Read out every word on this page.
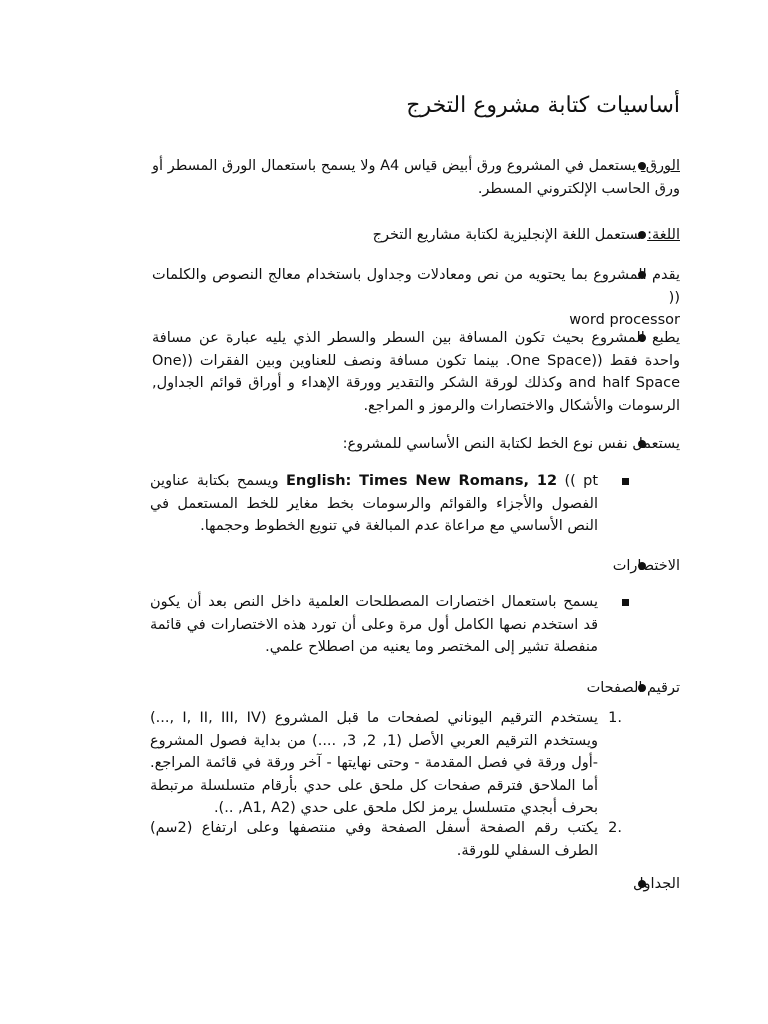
أساسيات كتابة مشروع التخرج
الورق: يستعمل في المشروع ورق أبيض قياس A4 ولا يسمح باستعمال الورق المسطر أو ورق الحاسب الإلكتروني المسطر.
اللغة: تستعمل اللغة الإنجليزية لكتابة مشاريع التخرج
يقدم المشروع بما يحتويه من نص ومعادلات وجداول باستخدام معالج النصوص والكلمات ((
word processor
يطبع المشروع بحيث تكون المسافة بين السطر والسطر الذي يليه عبارة عن مسافة واحدة فقط ((One Space. بينما تكون مسافة ونصف للعناوين وبين الفقرات ((One and half Space وكذلك لورقة الشكر والتقدير وورقة الإهداء و أوراق قوائم الجداول, الرسومات والأشكال والاختصارات والرموز و المراجع.
يستعمل نفس نوع الخط لكتابة النص الأساسي للمشروع:
English: Times New Romans, 12 (( pt ويسمح بكتابة عناوين الفصول والأجزاء والقوائم والرسومات بخط مغاير للخط المستعمل في النص الأساسي مع مراعاة عدم المبالغة في تنويع الخطوط وحجمها.
الاختصارات
يسمح باستعمال اختصارات المصطلحات العلمية داخل النص بعد أن يكون قد استخدم نصها الكامل أول مرة وعلى أن تورد هذه الاختصارات في قائمة منفصلة تشير إلى المختصر وما يعنيه من اصطلاح علمي.
ترقيم الصفحات
1.
يستخدم الترقيم اليوناني لصفحات ما قبل المشروع (I, II, III, IV ,...) ويستخدم الترقيم العربي الأصل (1, 2, 3, ....) من بداية فصول المشروع -أول ورقة في فصل المقدمة - وحتى نهايتها - آخر ورقة في قائمة المراجع. أما الملاحق فترقم صفحات كل ملحق على حدي بأرقام متسلسلة مرتبطة بحرف أبجدي متسلسل يرمز لكل ملحق على حدي (A1, A2, ..).
2.
يكتب رقم الصفحة أسفل الصفحة وفي منتصفها وعلى ارتفاع (2سم) الطرف السفلي للورقة.
الجداول
